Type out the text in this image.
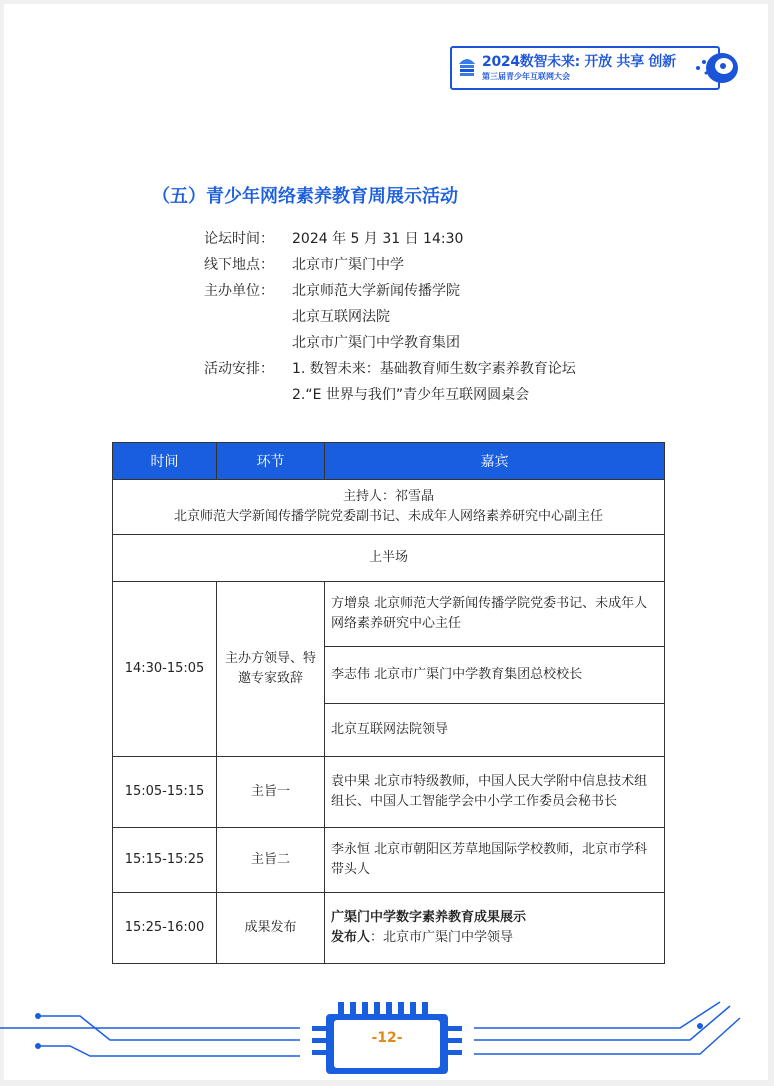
2024数智未来: 开放 共享 创新
第三届青少年互联网大会
（五）青少年网络素养教育周展示活动
论坛时间：	2024 年 5 月 31 日 14:30
线下地点：	北京市广渠门中学
主办单位：	北京师范大学新闻传播学院
北京互联网法院
北京市广渠门中学教育集团
活动安排：	1. 数智未来：基础教育师生数字素养教育论坛
2.“E 世界与我们”青少年互联网圆桌会
时间	环节	嘉宾

主持人：祁雪晶
北京师范大学新闻传播学院党委副书记、未成年人网络素养研究中心副主任		

上半场		
14:30-15:05	主办方领导、特邀专家致辞	方增泉 北京师范大学新闻传播学院党委书记、未成年人网络素养研究中心主任
		李志伟 北京市广渠门中学教育集团总校校长
		北京互联网法院领导
15:05-15:15	主旨一	袁中果 北京市特级教师，中国人民大学附中信息技术组组长、中国人工智能学会中小学工作委员会秘书长
15:15-15:25	主旨二	李永恒 北京市朝阳区芳草地国际学校教师，北京市学科带头人
15:25-16:00	成果发布	广渠门中学数字素养教育成果展示
发布人：北京市广渠门中学领导
-12-
